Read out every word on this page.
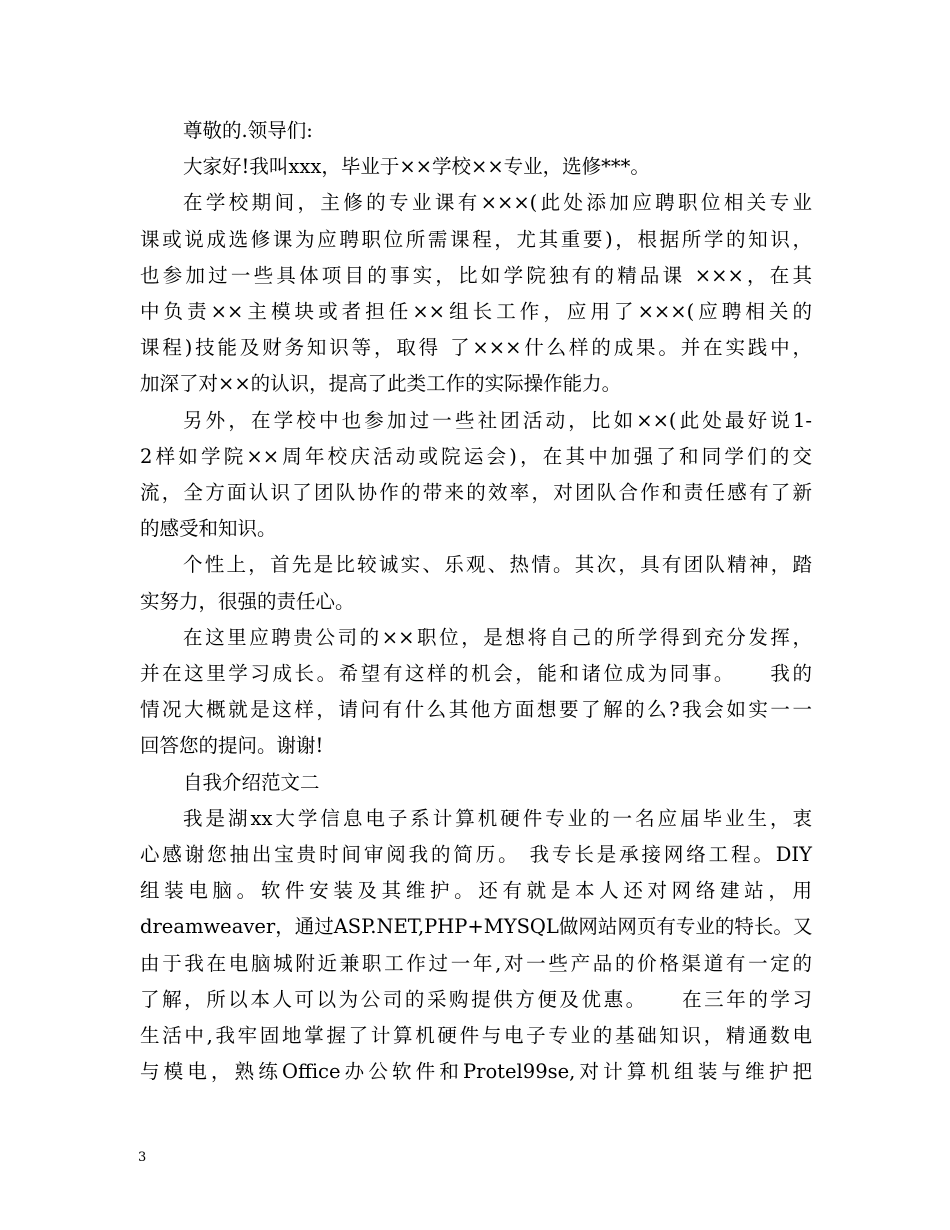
尊敬的.领导们:
大家好!我叫xxx，毕业于××学校××专业，选修***。
在学校期间，主修的专业课有×××(此处添加应聘职位相关专业
课或说成选修课为应聘职位所需课程，尤其重要)，根据所学的知识，
也参加过一些具体项目的事实，比如学院独有的精品课 ×××，在其
中负责××主模块或者担任××组长工作，应用了×××(应聘相关的
课程)技能及财务知识等，取得 了×××什么样的成果。并在实践中，
加深了对××的认识，提高了此类工作的实际操作能力。
另外，在学校中也参加过一些社团活动，比如××(此处最好说1-
2样如学院××周年校庆活动或院运会)，在其中加强了和同学们的交
流，全方面认识了团队协作的带来的效率，对团队合作和责任感有了新
的感受和知识。
个性上，首先是比较诚实、乐观、热情。其次，具有团队精神，踏
实努力，很强的责任心。
在这里应聘贵公司的××职位，是想将自己的所学得到充分发挥，
并在这里学习成长。希望有这样的机会，能和诸位成为同事。　　我的
情况大概就是这样，请问有什么其他方面想要了解的么?我会如实一一
回答您的提问。谢谢!
自我介绍范文二
我是湖xx大学信息电子系计算机硬件专业的一名应届毕业生，衷
心感谢您抽出宝贵时间审阅我的简历。 我专长是承接网络工程。DIY
组装电脑。软件安装及其维护。还有就是本人还对网络建站，用
dreamweaver，通过ASP.NET,PHP+MYSQL做网站网页有专业的特长。又
由于我在电脑城附近兼职工作过一年,对一些产品的价格渠道有一定的
了解，所以本人可以为公司的采购提供方便及优惠。　　在三年的学习
生活中,我牢固地掌握了计算机硬件与电子专业的基础知识，精通数电
与模电，熟练Office办公软件和Protel99se,对计算机组装与维护把
3
